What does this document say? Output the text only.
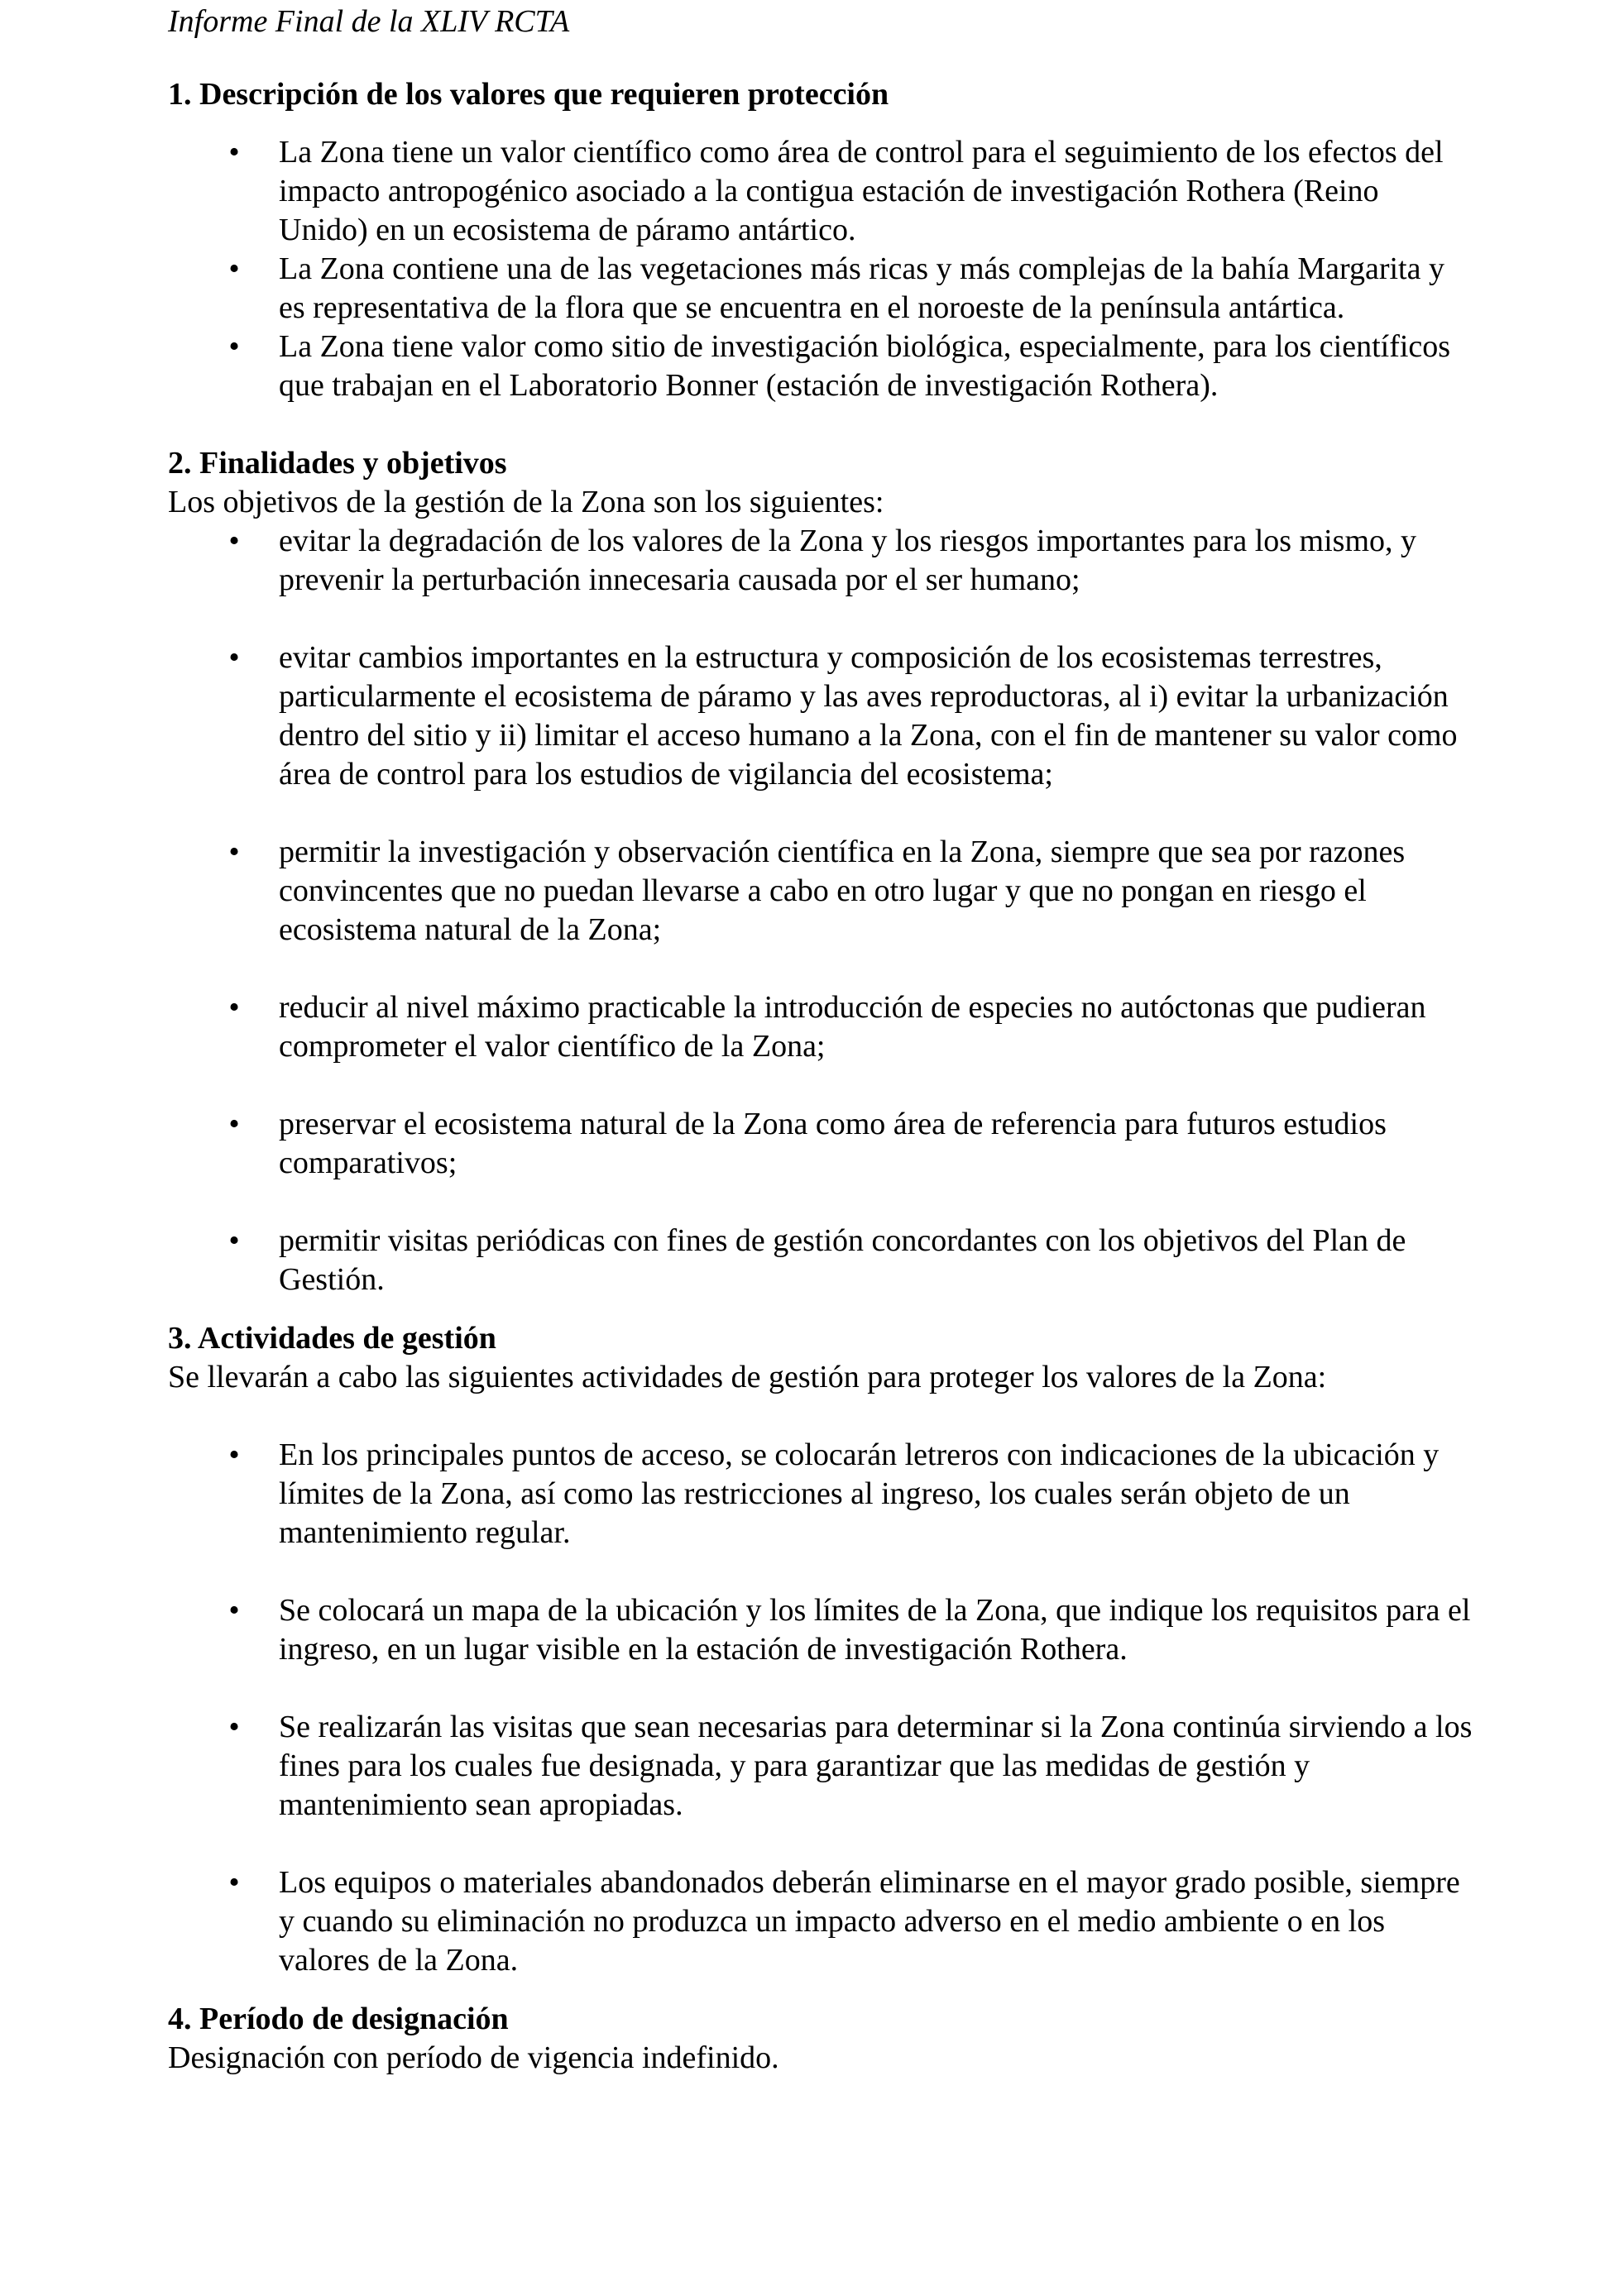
Informe Final de la XLIV RCTA
1. Descripción de los valores que requieren protección
• La Zona tiene un valor científico como área de control para el seguimiento de los efectos del impacto antropogénico asociado a la contigua estación de investigación Rothera (Reino Unido) en un ecosistema de páramo antártico.
• La Zona contiene una de las vegetaciones más ricas y más complejas de la bahía Margarita y es representativa de la flora que se encuentra en el noroeste de la península antártica.
• La Zona tiene valor como sitio de investigación biológica, especialmente, para los científicos que trabajan en el Laboratorio Bonner (estación de investigación Rothera).
2. Finalidades y objetivos

Los objetivos de la gestión de la Zona son los siguientes:

• evitar la degradación de los valores de la Zona y los riesgos importantes para los mismo, y prevenir la perturbación innecesaria causada por el ser humano;
• evitar cambios importantes en la estructura y composición de los ecosistemas terrestres, particularmente el ecosistema de páramo y las aves reproductoras, al i) evitar la urbanización dentro del sitio y ii) limitar el acceso humano a la Zona, con el fin de mantener su valor como área de control para los estudios de vigilancia del ecosistema;
• permitir la investigación y observación científica en la Zona, siempre que sea por razones convincentes que no puedan llevarse a cabo en otro lugar y que no pongan en riesgo el ecosistema natural de la Zona;
• reducir al nivel máximo practicable la introducción de especies no autóctonas que pudieran comprometer el valor científico de la Zona;
• preservar el ecosistema natural de la Zona como área de referencia para futuros estudios comparativos;
• permitir visitas periódicas con fines de gestión concordantes con los objetivos del Plan de Gestión.
3. Actividades de gestión

Se llevarán a cabo las siguientes actividades de gestión para proteger los valores de la Zona:

• En los principales puntos de acceso, se colocarán letreros con indicaciones de la ubicación y límites de la Zona, así como las restricciones al ingreso, los cuales serán objeto de un mantenimiento regular.
• Se colocará un mapa de la ubicación y los límites de la Zona, que indique los requisitos para el ingreso, en un lugar visible en la estación de investigación Rothera.
• Se realizarán las visitas que sean necesarias para determinar si la Zona continúa sirviendo a los fines para los cuales fue designada, y para garantizar que las medidas de gestión y mantenimiento sean apropiadas.
• Los equipos o materiales abandonados deberán eliminarse en el mayor grado posible, siempre y cuando su eliminación no produzca un impacto adverso en el medio ambiente o en los valores de la Zona.
4. Período de designación

Designación con período de vigencia indefinido.
